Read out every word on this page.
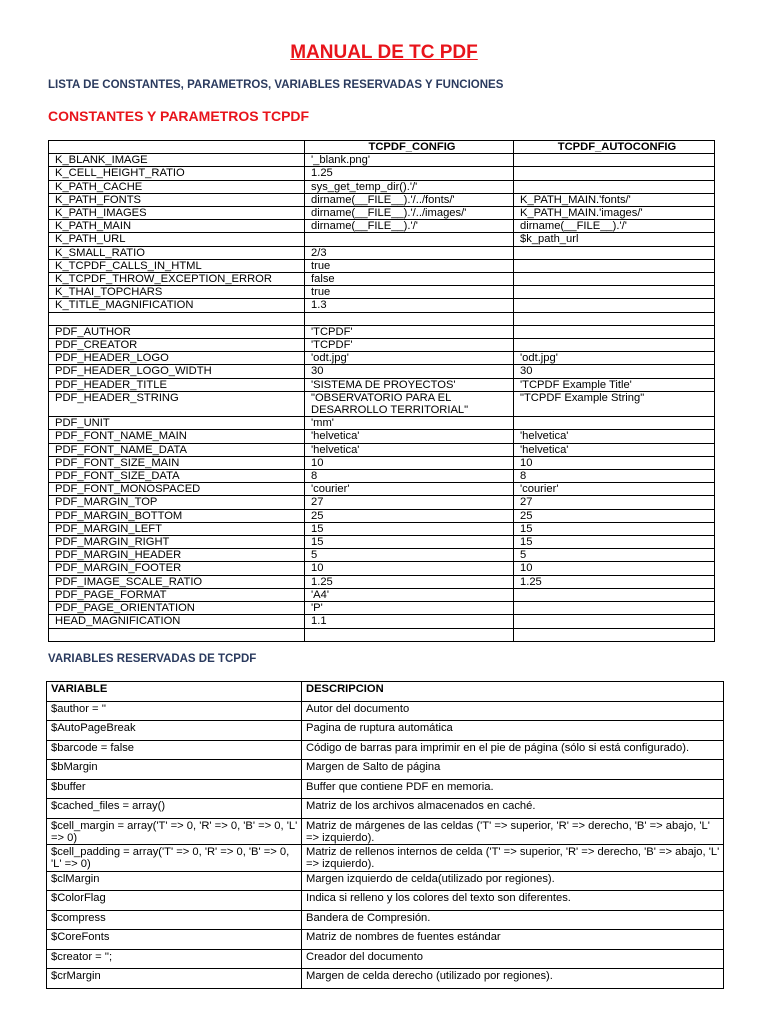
MANUAL DE TC PDF
LISTA DE CONSTANTES, PARAMETROS, VARIABLES RESERVADAS Y FUNCIONES
CONSTANTES Y PARAMETROS TCPDF
	TCPDF_CONFIG	TCPDF_AUTOCONFIG
K_BLANK_IMAGE	'_blank.png'	
K_CELL_HEIGHT_RATIO	1.25	
K_PATH_CACHE	sys_get_temp_dir().'/'	
K_PATH_FONTS	dirname(__FILE__).'/../fonts/'	K_PATH_MAIN.'fonts/'
K_PATH_IMAGES	dirname(__FILE__).'/../images/'	K_PATH_MAIN.'images/'
K_PATH_MAIN	dirname(__FILE__).'/'	dirname(__FILE__).'/'
K_PATH_URL		$k_path_url
K_SMALL_RATIO	2/3	
K_TCPDF_CALLS_IN_HTML	true	
K_TCPDF_THROW_EXCEPTION_ERROR	false	
K_THAI_TOPCHARS	true	
K_TITLE_MAGNIFICATION	1.3	

PDF_AUTHOR	'TCPDF'	
PDF_CREATOR	'TCPDF'	
PDF_HEADER_LOGO	'odt.jpg'	'odt.jpg'
PDF_HEADER_LOGO_WIDTH	30	30
PDF_HEADER_TITLE	'SISTEMA DE PROYECTOS'	'TCPDF Example Title'
PDF_HEADER_STRING	"OBSERVATORIO PARA EL DESARROLLO TERRITORIAL"	"TCPDF Example String"
PDF_UNIT	'mm'	
PDF_FONT_NAME_MAIN	'helvetica'	'helvetica'
PDF_FONT_NAME_DATA	'helvetica'	'helvetica'
PDF_FONT_SIZE_MAIN	10	10
PDF_FONT_SIZE_DATA	8	8
PDF_FONT_MONOSPACED	'courier'	'courier'
PDF_MARGIN_TOP	27	27
PDF_MARGIN_BOTTOM	25	25
PDF_MARGIN_LEFT	15	15
PDF_MARGIN_RIGHT	15	15
PDF_MARGIN_HEADER	5	5
PDF_MARGIN_FOOTER	10	10
PDF_IMAGE_SCALE_RATIO	1.25	1.25
PDF_PAGE_FORMAT	'A4'	
PDF_PAGE_ORIENTATION	'P'	
HEAD_MAGNIFICATION	1.1	

VARIABLES RESERVADAS DE TCPDF
VARIABLE	DESCRIPCION
$author = ''	Autor del documento
$AutoPageBreak	Pagina de ruptura automática
$barcode = false	Código de barras para imprimir en el pie de página (sólo si está configurado).
$bMargin	Margen de Salto de página
$buffer	Buffer que contiene PDF en memoria.
$cached_files = array()	Matriz de los archivos almacenados en caché.
$cell_margin = array('T' => 0, 'R' => 0, 'B' => 0, 'L' => 0)	Matriz de márgenes de las celdas ('T' => superior, 'R' => derecho, 'B' => abajo, 'L' => izquierdo).
$cell_padding = array('T' => 0, 'R' => 0, 'B' => 0, 'L' => 0)	Matriz de rellenos internos de celda ('T' => superior, 'R' => derecho, 'B' => abajo, 'L' => izquierdo).
$clMargin	Margen izquierdo de celda(utilizado por regiones).
$ColorFlag	Indica si relleno y los colores del texto son diferentes.
$compress	Bandera de Compresión.
$CoreFonts	Matriz de nombres de fuentes estándar
$creator = '';	Creador del documento
$crMargin	Margen de celda derecho (utilizado por regiones).
